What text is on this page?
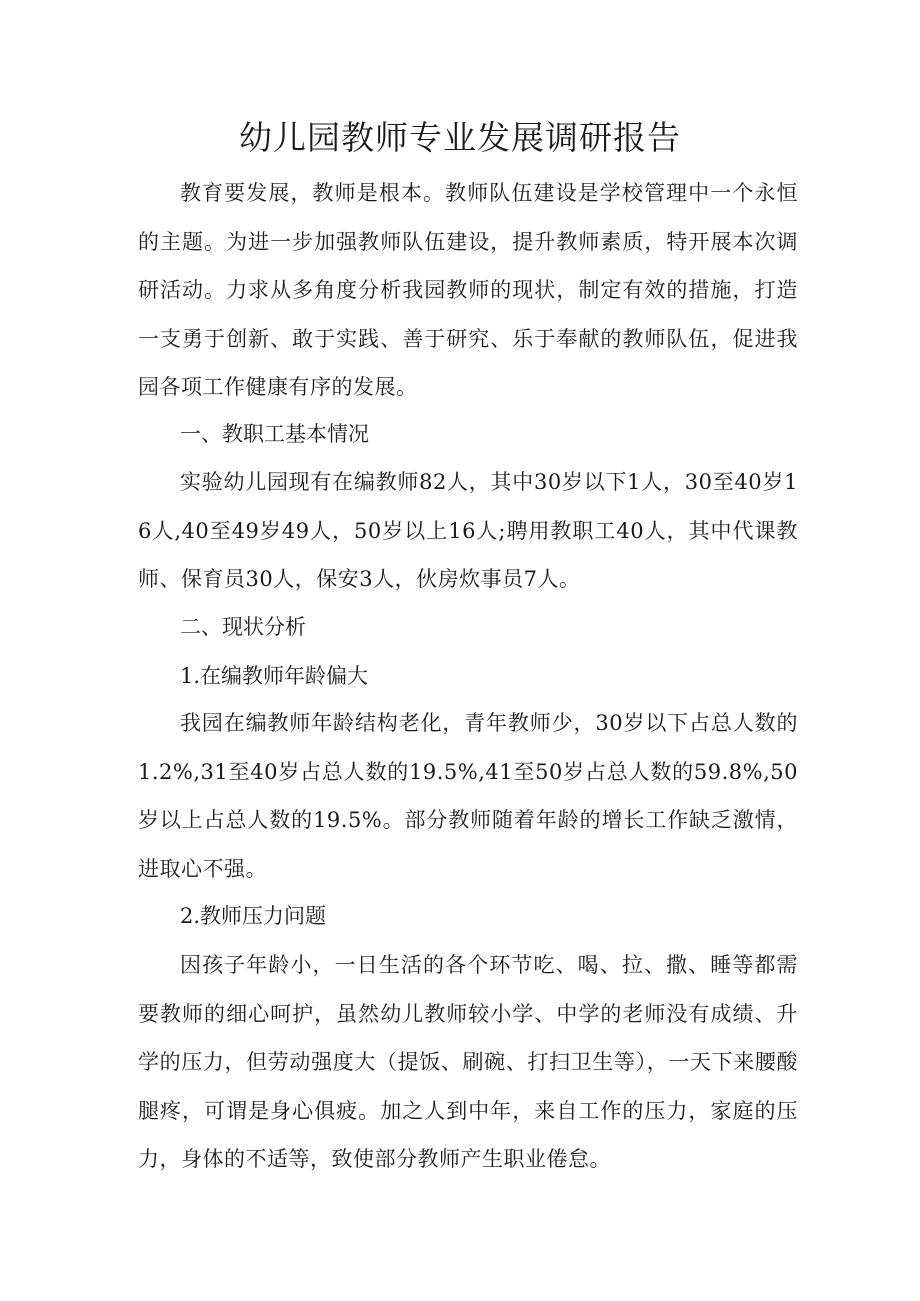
幼儿园教师专业发展调研报告

教育要发展，教师是根本。教师队伍建设是学校管理中一个永恒的主题。为进一步加强教师队伍建设，提升教师素质，特开展本次调研活动。力求从多角度分析我园教师的现状，制定有效的措施，打造一支勇于创新、敢于实践、善于研究、乐于奉献的教师队伍，促进我园各项工作健康有序的发展。

一、教职工基本情况

实验幼儿园现有在编教师82人，其中30岁以下1人，30至40岁16人,40至49岁49人，50岁以上16人;聘用教职工40人，其中代课教师、保育员30人，保安3人，伙房炊事员7人。

二、现状分析

1.在编教师年龄偏大

我园在编教师年龄结构老化，青年教师少，30岁以下占总人数的1.2%,31至40岁占总人数的19.5%,41至50岁占总人数的59.8%,50岁以上占总人数的19.5%。部分教师随着年龄的增长工作缺乏激情，进取心不强。

2.教师压力问题

因孩子年龄小，一日生活的各个环节吃、喝、拉、撒、睡等都需要教师的细心呵护，虽然幼儿教师较小学、中学的老师没有成绩、升学的压力，但劳动强度大（提饭、刷碗、打扫卫生等），一天下来腰酸腿疼，可谓是身心俱疲。加之人到中年，来自工作的压力，家庭的压力，身体的不适等，致使部分教师产生职业倦怠。
